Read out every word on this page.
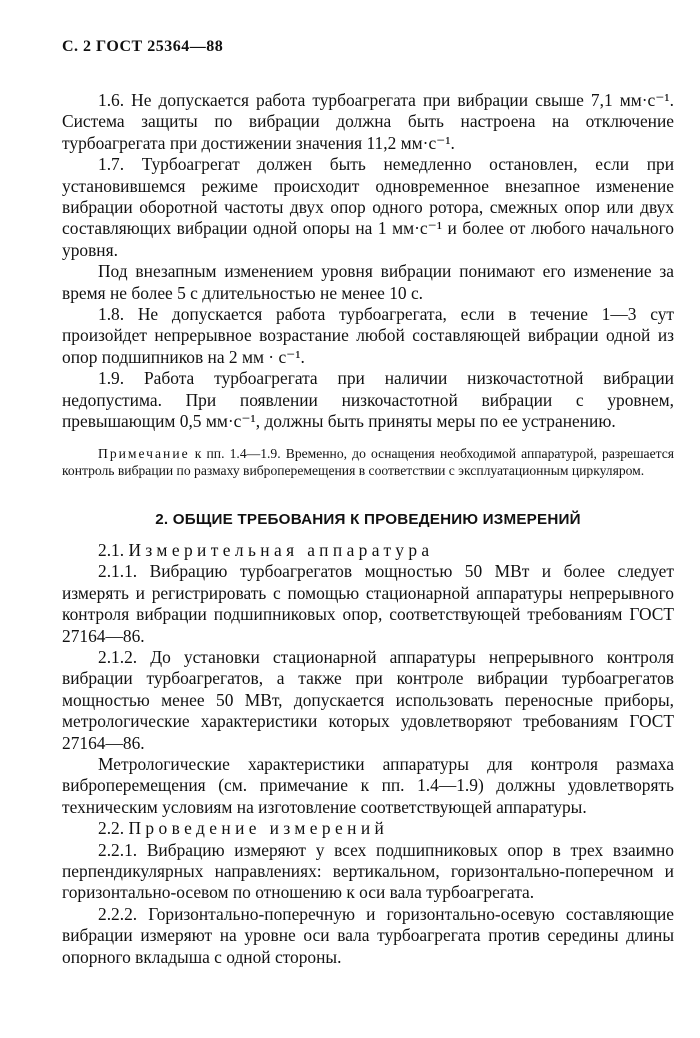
С. 2 ГОСТ 25364—88

1.6. Не допускается работа турбоагрегата при вибрации свыше 7,1 мм·с⁻¹. Система защиты по вибрации должна быть настроена на отключение турбоагрегата при достижении значения 11,2 мм·с⁻¹.

1.7. Турбоагрегат должен быть немедленно остановлен, если при установившемся режиме происходит одновременное внезапное изменение вибрации оборотной частоты двух опор одного ротора, смежных опор или двух составляющих вибрации одной опоры на 1 мм·с⁻¹ и более от любого начального уровня.

Под внезапным изменением уровня вибрации понимают его изменение за время не более 5 с длительностью не менее 10 с.

1.8. Не допускается работа турбоагрегата, если в течение 1—3 сут произойдет непрерывное возрастание любой составляющей вибрации одной из опор подшипников на 2 мм · с⁻¹.

1.9. Работа турбоагрегата при наличии низкочастотной вибрации недопустима. При появлении низкочастотной вибрации с уровнем, превышающим 0,5 мм·с⁻¹, должны быть приняты меры по ее устранению.

Примечание к пп. 1.4—1.9. Временно, до оснащения необходимой аппаратурой, разрешается контроль вибрации по размаху виброперемещения в соответствии с эксплуатационным циркуляром.

2. ОБЩИЕ ТРЕБОВАНИЯ К ПРОВЕДЕНИЮ ИЗМЕРЕНИЙ

2.1. Измерительная аппаратура

2.1.1. Вибрацию турбоагрегатов мощностью 50 МВт и более следует измерять и регистрировать с помощью стационарной аппаратуры непрерывного контроля вибрации подшипниковых опор, соответствующей требованиям ГОСТ 27164—86.

2.1.2. До установки стационарной аппаратуры непрерывного контроля вибрации турбоагрегатов, а также при контроле вибрации турбоагрегатов мощностью менее 50 МВт, допускается использовать переносные приборы, метрологические характеристики которых удовлетворяют требованиям ГОСТ 27164—86.

Метрологические характеристики аппаратуры для контроля размаха виброперемещения (см. примечание к пп. 1.4—1.9) должны удовлетворять техническим условиям на изготовление соответствующей аппаратуры.

2.2. Проведение измерений

2.2.1. Вибрацию измеряют у всех подшипниковых опор в трех взаимно перпендикулярных направлениях: вертикальном, горизонтально-поперечном и горизонтально-осевом по отношению к оси вала турбоагрегата.

2.2.2. Горизонтально-поперечную и горизонтально-осевую составляющие вибрации измеряют на уровне оси вала турбоагрегата против середины длины опорного вкладыша с одной стороны.
